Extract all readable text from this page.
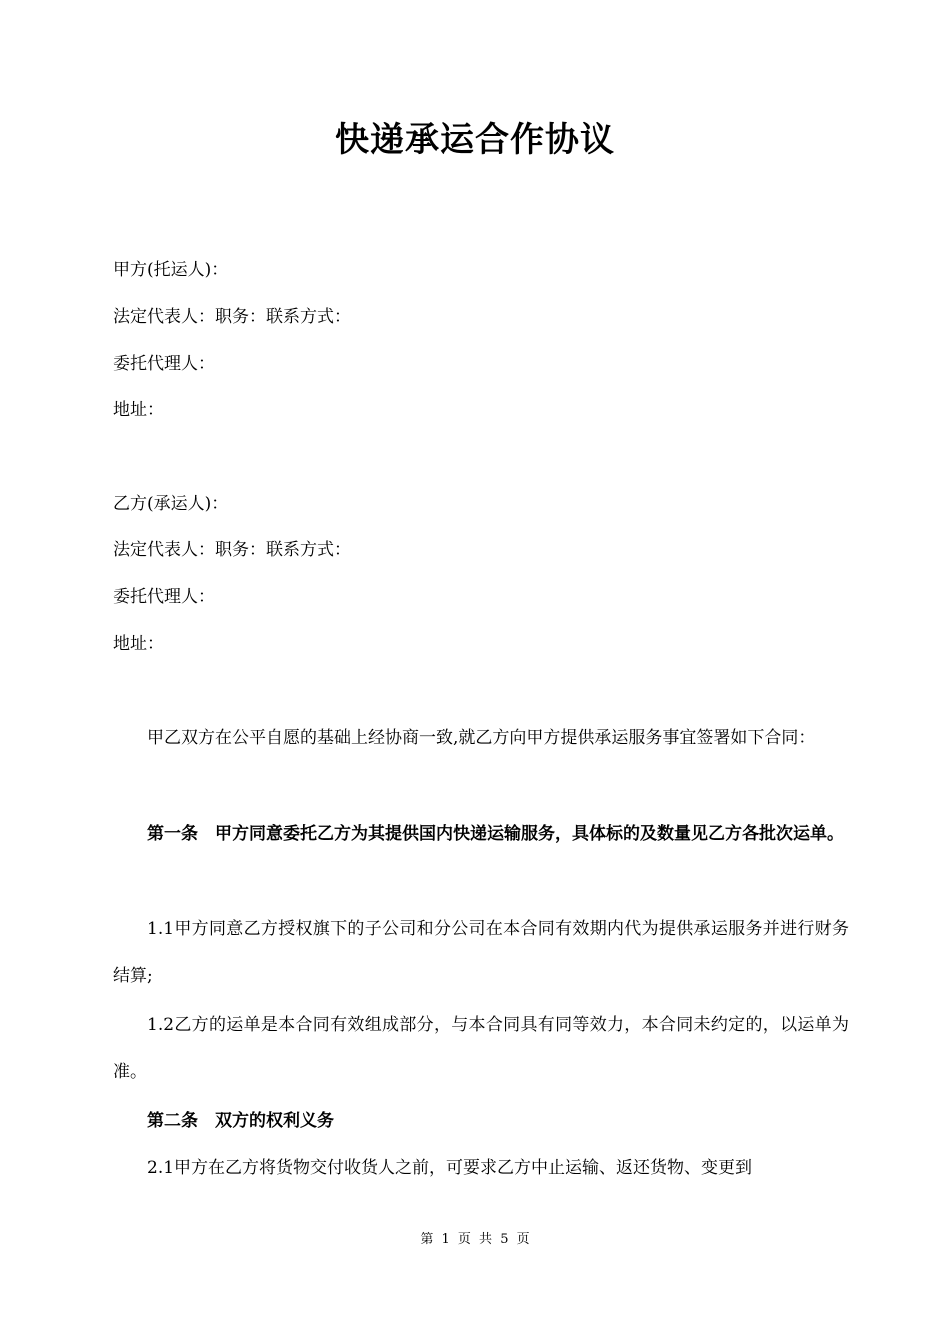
快递承运合作协议
甲方(托运人)：
法定代表人：职务：联系方式：
委托代理人：
地址：
乙方(承运人)：
法定代表人：职务：联系方式：
委托代理人：
地址：
甲乙双方在公平自愿的基础上经协商一致,就乙方向甲方提供承运服务事宜签署如下合同：
第一条　甲方同意委托乙方为其提供国内快递运输服务，具体标的及数量见乙方各批次运单。
1.1甲方同意乙方授权旗下的子公司和分公司在本合同有效期内代为提供承运服务并进行财务结算;
1.2乙方的运单是本合同有效组成部分，与本合同具有同等效力，本合同未约定的，以运单为准。
第二条　双方的权利义务
2.1甲方在乙方将货物交付收货人之前，可要求乙方中止运输、返还货物、变更到
第 1 页 共 5 页
